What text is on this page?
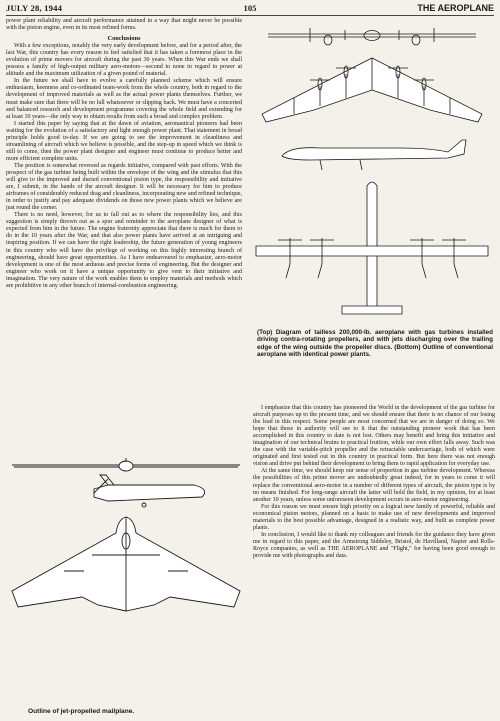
JULY 28, 1944	105	THE AEROPLANE

power plant reliability and aircraft performance attained in a way that might never be possible with the piston engine, even in its most refined forms.

Conclusions

With a few exceptions, notably the very early development before, and for a period after, the last War, this country has every reason to feel satisfied that it has taken a foremost place in the evolution of prime movers for aircraft during the past 30 years. When this War ends we shall possess a family of high-output military aero-motors—second to none in regard to power at altitude and the maximum utilization of a given pound of material.

In the future we shall have to evolve a carefully planned scheme which will ensure enthusiasm, keenness and co-ordinated team-work from the whole country, both in regard to the development of improved materials as well as the actual power plants themselves. Further, we must make sure that there will be no lull whatsoever or slipping back. We must have a concerted and balanced research and development programme covering the whole field and extending for at least 10 years—the only way to obtain results from such a broad and complex problem.

I started this paper by saying that at the dawn of aviation, aeronautical pioneers had been waiting for the evolution of a satisfactory and light enough power plant. That statement in broad principle holds good to-day. If we are going to see the improvement in cleanliness and streamlining of aircraft which we believe is possible, and the step-up in speed which we think is still to come, then the power plant designer and engineer must continue to produce better and more efficient complete units.

The position is somewhat reversed as regards initiative, compared with past efforts. With the prospect of the gas turbine being built within the envelope of the wing and the stimulus that this will give to the improved and ducted conventional piston type, the responsibility and initiative are, I submit, in the hands of the aircraft designer. It will be necessary for him to produce airframes of considerably reduced drag and cleanliness, incorporating new and refined technique, in order to justify and pay adequate dividends on those new power plants which we believe are just round the corner.

There is no need, however, for us to fall out as to where the responsibility lies, and this suggestion is simply thrown out as a spur and reminder to the aeroplane designer of what is expected from him in the future. The engine fraternity appreciate that there is much for them to do in the 10 years after the War, and that also power plants have arrived at an intriguing and inspiring position. If we can have the right leadership, the future generation of young engineers in this country who will have the privilege of working on this highly interesting branch of engineering, should have great opportunities. As I have endeavoured to emphasize, aero-motor development is one of the most arduous and precise forms of engineering. But the designer and engineer who work on it have a unique opportunity to give vent to their initiative and imagination. The very nature of the work enables them to employ materials and methods which are prohibitive in any other branch of internal-combustion engineering.

(Top) Diagram of tailless 200,000-lb. aeroplane with gas turbines installed driving contra-rotating propellers, and with jets discharging over the trailing edge of the wing outside the propeller discs. (Bottom) Outline of conventional aeroplane with identical power plants.

I emphasize that this country has pioneered the World in the development of the gas turbine for aircraft purposes up to the present time, and we should ensure that there is no chance of our losing the lead in this respect. Some people are most concerned that we are in danger of doing so. We hope that those in authority will see to it that the outstanding pioneer work that has been accomplished in this country to date is not lost. Others may benefit and bring this initiative and imagination of our technical brains to practical fruition, while our own effort falls away. Such was the case with the variable-pitch propeller and the retractable undercarriage, both of which were originated and first tested out in this country in practical form. But here there was not enough vision and drive put behind their development to bring them to rapid application for everyday use.

At the same time, we should keep our sense of proportion in gas turbine development. Whereas the possibilities of this prime mover are undoubtedly great indeed, for in years to come it will replace the conventional aero-motor in a number of different types of aircraft, the piston type is by no means finished. For long-range aircraft the latter will hold the field, in my opinion, for at least another 10 years, unless some unforeseen development occurs in aero-motor engineering.

For this reason we must ensure high priority on a logical new family of powerful, reliable and economical piston motors, planned on a basis to make use of new developments and improved materials to the best possible advantage, designed in a realistic way, and built as complete power plants.

In conclusion, I would like to thank my colleagues and friends for the guidance they have given me in regard to this paper, and the Armstrong Siddeley, Bristol, de Havilland, Napier and Rolls-Royce companies, as well as THE AEROPLANE and "Flight," for having been good enough to provide me with photographs and data.

Outline of jet-propelled mailplane.
